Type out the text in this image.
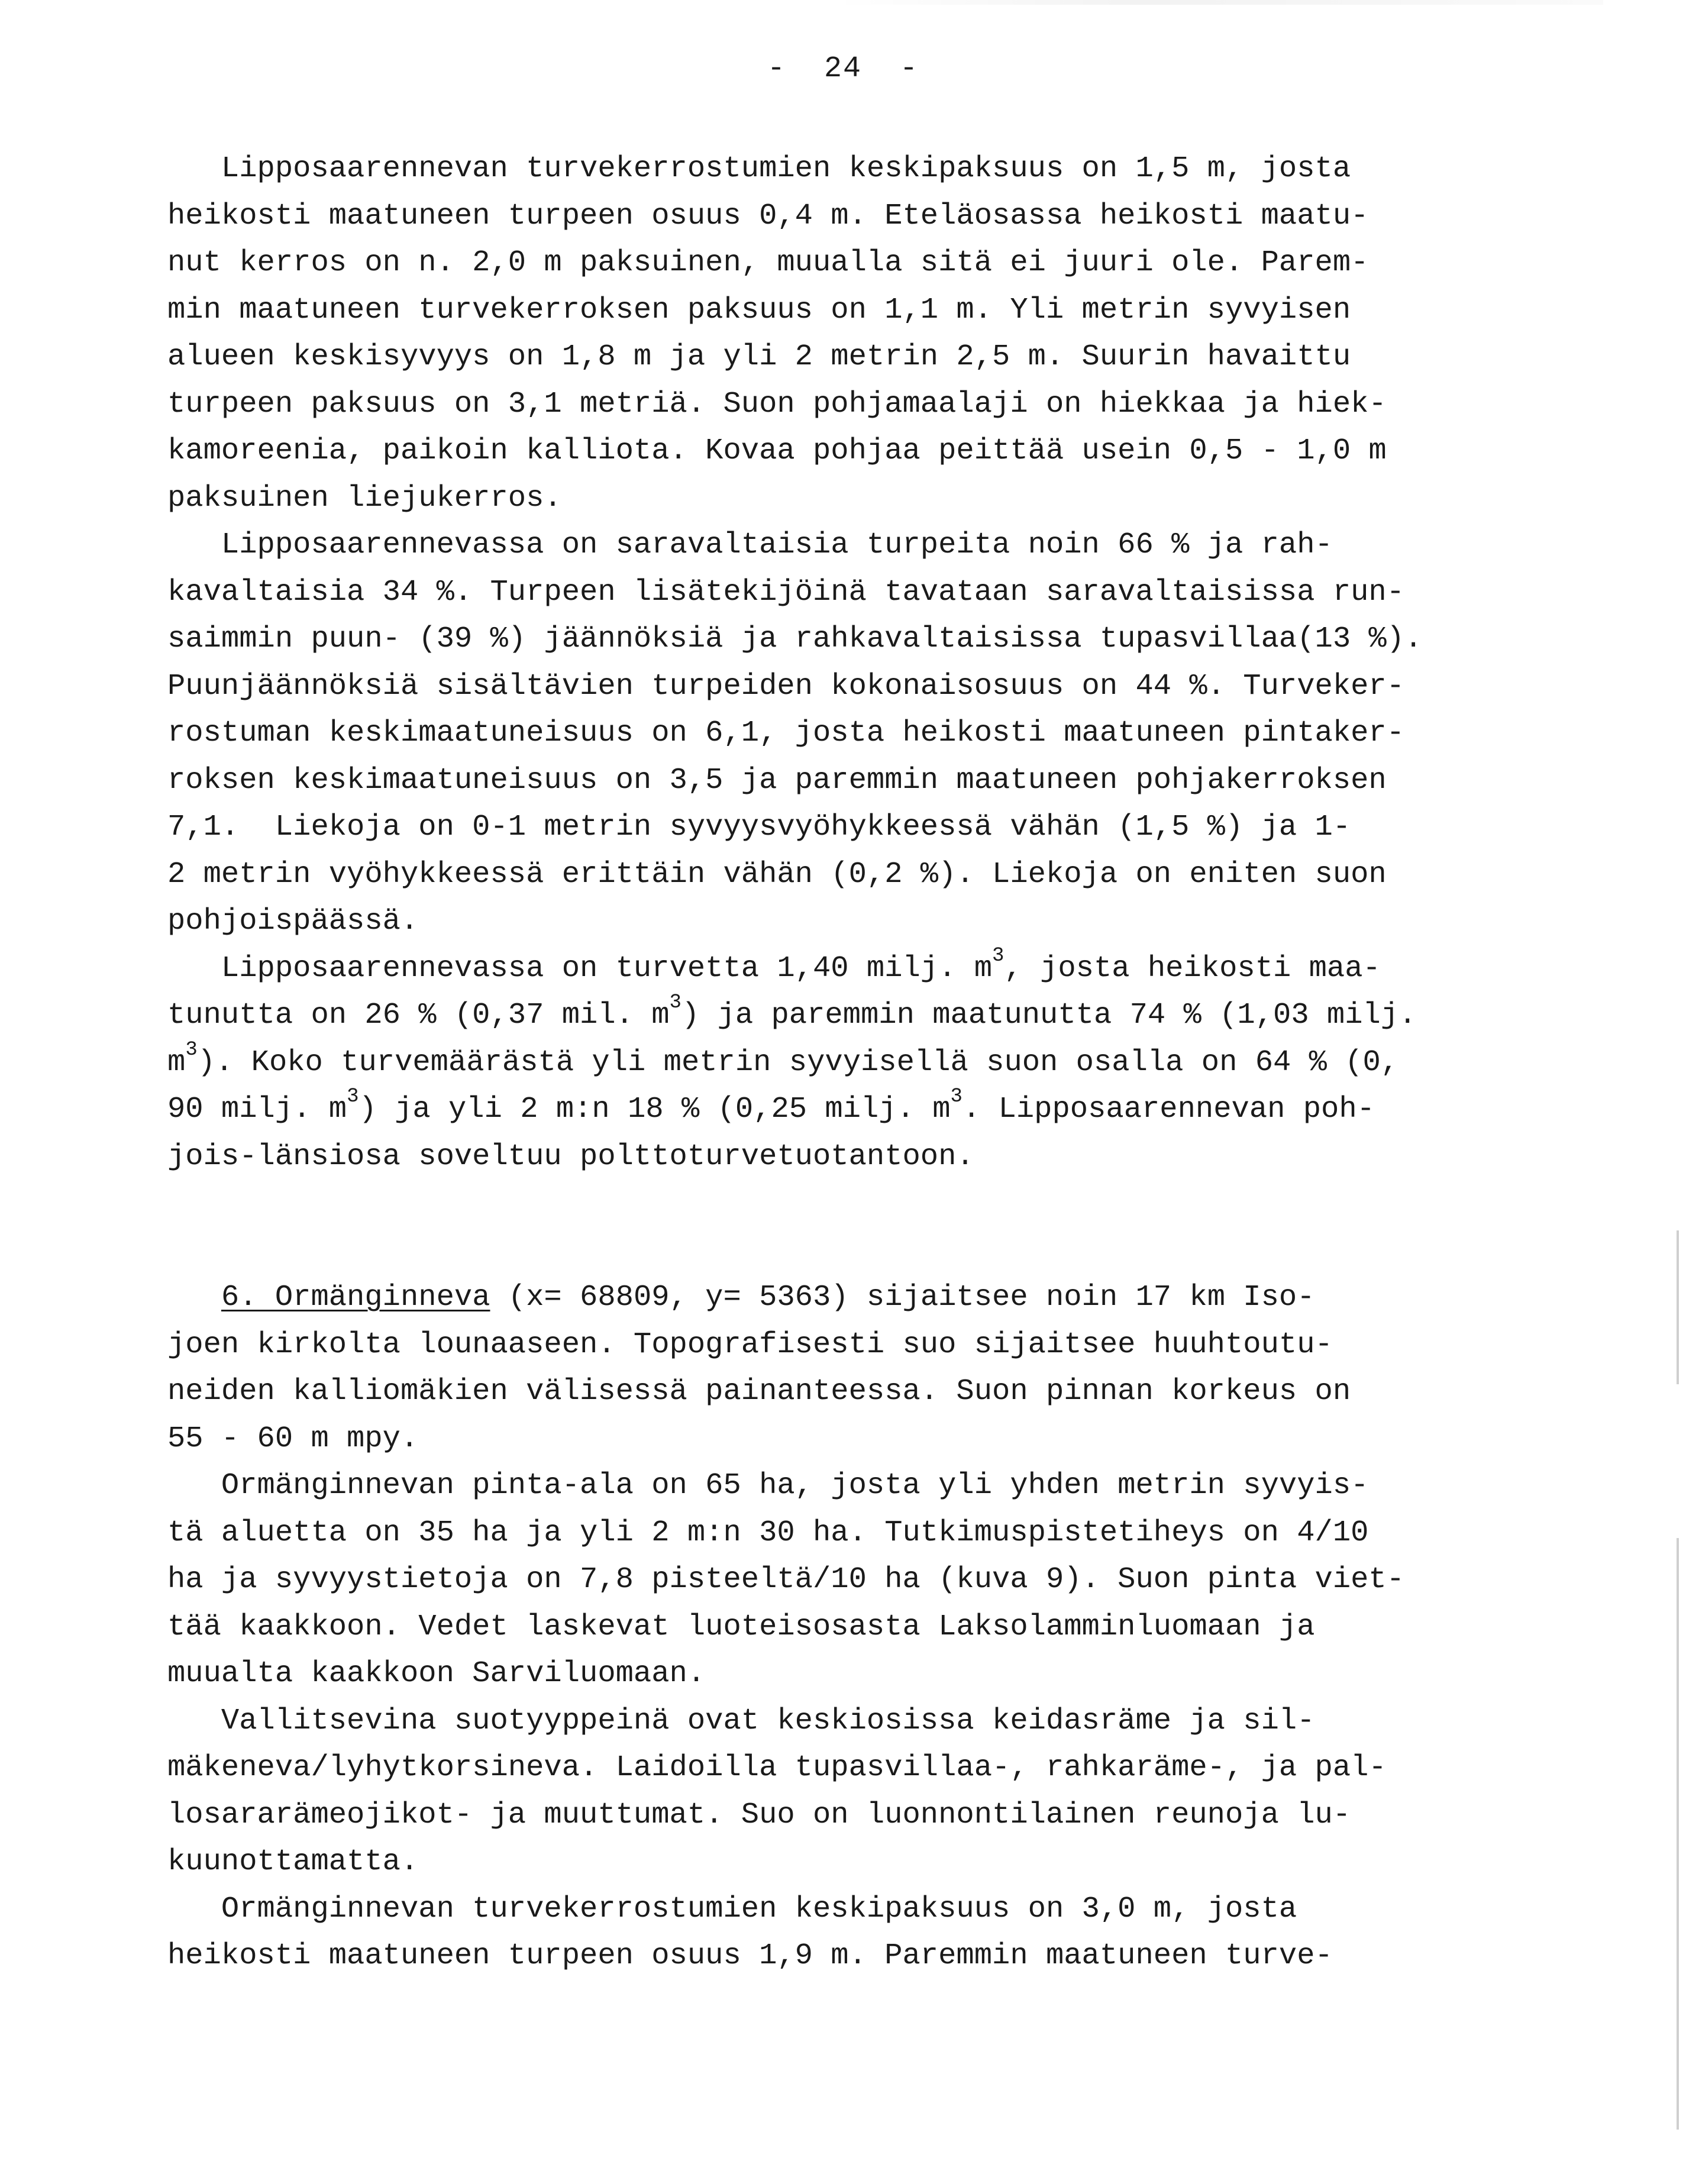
-  24  -
Lipposaarennevan turvekerrostumien keskipaksuus on 1,5 m, josta
heikosti maatuneen turpeen osuus 0,4 m. Eteläosassa heikosti maatu-
nut kerros on n. 2,0 m paksuinen, muualla sitä ei juuri ole. Parem-
min maatuneen turvekerroksen paksuus on 1,1 m. Yli metrin syvyisen
alueen keskisyvyys on 1,8 m ja yli 2 metrin 2,5 m. Suurin havaittu
turpeen paksuus on 3,1 metriä. Suon pohjamaalaji on hiekkaa ja hiek-
kamoreenia, paikoin kalliota. Kovaa pohjaa peittää usein 0,5 - 1,0 m
paksuinen liejukerros.
Lipposaarennevassa on saravaltaisia turpeita noin 66 % ja rah-
kavaltaisia 34 %. Turpeen lisätekijöinä tavataan saravaltaisissa run-
saimmin puun- (39 %) jäännöksiä ja rahkavaltaisissa tupasvillaa(13 %).
Puunjäännöksiä sisältävien turpeiden kokonaisosuus on 44 %. Turveker-
rostuman keskimaatuneisuus on 6,1, josta heikosti maatuneen pintaker-
roksen keskimaatuneisuus on 3,5 ja paremmin maatuneen pohjakerroksen
7,1.  Liekoja on 0-1 metrin syvyysvyöhykkeessä vähän (1,5 %) ja 1-
2 metrin vyöhykkeessä erittäin vähän (0,2 %). Liekoja on eniten suon
pohjoispäässä.
Lipposaarennevassa on turvetta 1,40 milj. $m^3$, josta heikosti maa-
tunutta on 26 % (0,37 mil. $m^3$) ja paremmin maatunutta 74 % (1,03 milj.
$m^3$). Koko turvemäärästä yli metrin syvyisellä suon osalla on 64 % (0,
90 milj. $m^3$) ja yli 2 m:n 18 % (0,25 milj. $m^3$. Lipposaarennevan poh-
jois-länsiosa soveltuu polttoturvetuotantoon.
6. Ormänginneva (x= 68809, y= 5363) sijaitsee noin 17 km Iso-
joen kirkolta lounaaseen. Topografisesti suo sijaitsee huuhtoutu-
neiden kalliomäkien välisessä painanteessa. Suon pinnan korkeus on
55 - 60 m mpy.
Ormänginnevan pinta-ala on 65 ha, josta yli yhden metrin syvyis-
tä aluetta on 35 ha ja yli 2 m:n 30 ha. Tutkimuspistetiheys on 4/10
ha ja syvyystietoja on 7,8 pisteeltä/10 ha (kuva 9). Suon pinta viet-
tää kaakkoon. Vedet laskevat luoteisosasta Laksolamminluomaan ja
muualta kaakkoon Sarviluomaan.
Vallitsevina suotyyppeinä ovat keskiosissa keidasräme ja sil-
mäkeneva/lyhytkorsineva. Laidoilla tupasvillaa-, rahkaräme-, ja pal-
losararämeojikot- ja muuttumat. Suo on luonnontilainen reunoja lu-
kuunottamatta.
Ormänginnevan turvekerrostumien keskipaksuus on 3,0 m, josta
heikosti maatuneen turpeen osuus 1,9 m. Paremmin maatuneen turve-
